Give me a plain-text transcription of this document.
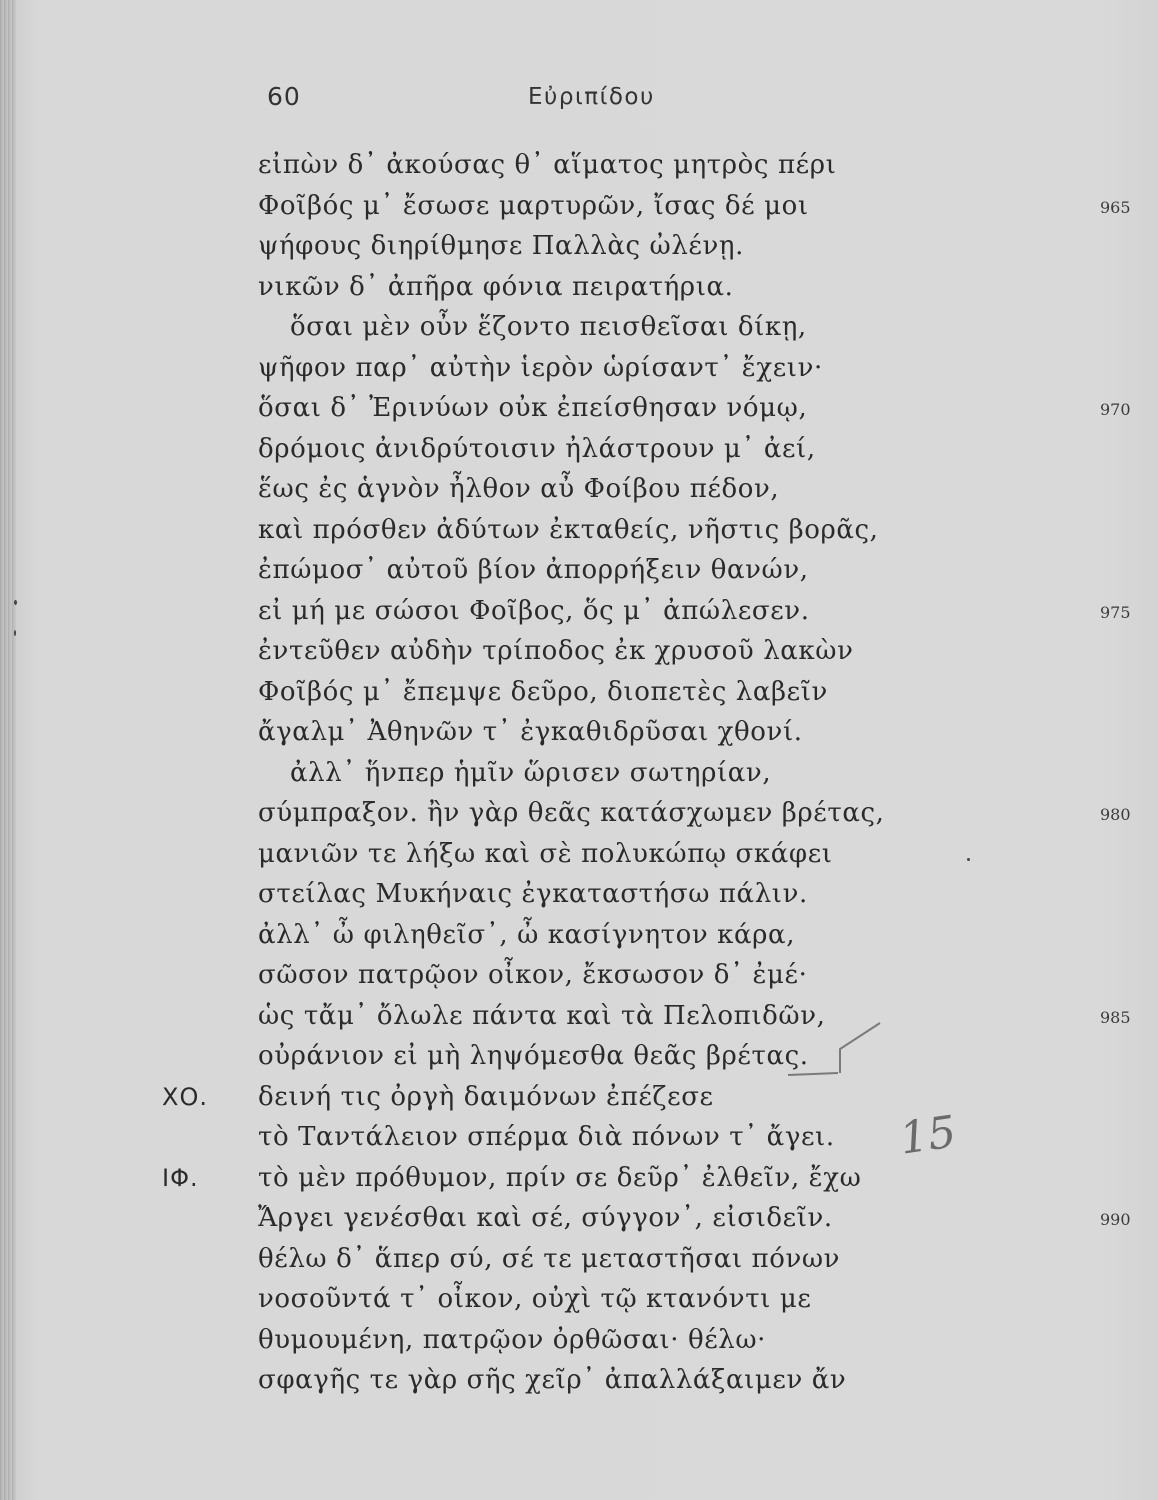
60	Εὐριπίδου
εἰπὼν δ᾽ ἀκούσας θ᾽ αἵματος μητρὸς πέρι
Φοῖβός μ᾽ ἔσωσε μαρτυρῶν, ἴσας δέ μοι	965
ψήφους διηρίθμησε Παλλὰς ὠλένῃ.
νικῶν δ᾽ ἀπῆρα φόνια πειρατήρια.
ὅσαι μὲν οὖν ἕζοντο πεισθεῖσαι δίκῃ,
ψῆφον παρ᾽ αὐτὴν ἱερὸν ὡρίσαντ᾽ ἔχειν·
ὅσαι δ᾽ Ἐρινύων οὐκ ἐπείσθησαν νόμῳ,	970
δρόμοις ἀνιδρύτοισιν ἠλάστρουν μ᾽ ἀεί,
ἕως ἐς ἁγνὸν ἦλθον αὖ Φοίβου πέδον,
καὶ πρόσθεν ἀδύτων ἐκταθείς, νῆστις βορᾶς,
ἐπώμοσ᾽ αὐτοῦ βίον ἀπορρήξειν θανών,
εἰ μή με σώσοι Φοῖβος, ὅς μ᾽ ἀπώλεσεν.	975
ἐντεῦθεν αὐδὴν τρίποδος ἐκ χρυσοῦ λακὼν
Φοῖβός μ᾽ ἔπεμψε δεῦρο, διοπετὲς λαβεῖν
ἄγαλμ᾽ Ἀθηνῶν τ᾽ ἐγκαθιδρῦσαι χθονί.
ἀλλ᾽ ἥνπερ ἡμῖν ὥρισεν σωτηρίαν,
σύμπραξον. ἢν γὰρ θεᾶς κατάσχωμεν βρέτας,	980
μανιῶν τε λήξω καὶ σὲ πολυκώπῳ σκάφει
στείλας Μυκήναις ἐγκαταστήσω πάλιν.
ἀλλ᾽ ὦ φιληθεῖσ᾽, ὦ κασίγνητον κάρα,
σῶσον πατρῷον οἶκον, ἔκσωσον δ᾽ ἐμέ·
ὡς τἄμ᾽ ὄλωλε πάντα καὶ τὰ Πελοπιδῶν,	985
οὐράνιον εἰ μὴ ληψόμεσθα θεᾶς βρέτας.
ΧΟ. δεινή τις ὀργὴ δαιμόνων ἐπέζεσε
τὸ Ταντάλειον σπέρμα διὰ πόνων τ᾽ ἄγει.
ΙΦ. τὸ μὲν πρόθυμον, πρίν σε δεῦρ᾽ ἐλθεῖν, ἔχω
Ἄργει γενέσθαι καὶ σέ, σύγγον᾽, εἰσιδεῖν.	990
θέλω δ᾽ ἅπερ σύ, σέ τε μεταστῆσαι πόνων
νοσοῦντά τ᾽ οἶκον, οὐχὶ τῷ κτανόντι με
θυμουμένη, πατρῷον ὀρθῶσαι· θέλω·
σφαγῆς τε γὰρ σῆς χεῖρ᾽ ἀπαλλάξαιμεν ἄν
15
